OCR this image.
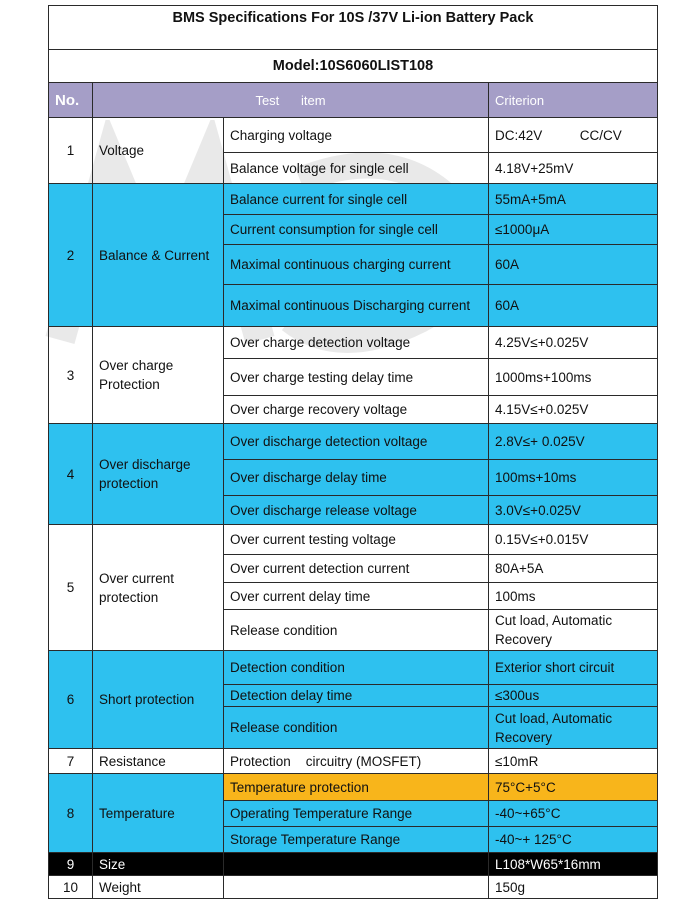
BMS Specifications For 10S /37V Li-ion Battery Pack			
Model:10S6060LIST108			
No.	Test      item		Criterion
1	Voltage	Charging voltage	DC:42V          CC/CV
		Balance voltage for single cell	4.18V+25mV
2	Balance & Current	Balance current for single cell	55mA+5mA
		Current consumption for single cell	≤1000μA
		Maximal continuous charging current	60A
		Maximal continuous Discharging current	60A
3	Over charge Protection	Over charge detection voltage	4.25V≤+0.025V
		Over charge testing delay time	1000ms+100ms
		Over charge recovery voltage	4.15V≤+0.025V
4	Over discharge protection	Over discharge detection voltage	2.8V≤+ 0.025V
		Over discharge delay time	100ms+10ms
		Over discharge release voltage	3.0V≤+0.025V
5	Over current protection	Over current testing voltage	0.15V≤+0.015V
		Over current detection current	80A+5A
		Over current delay time	100ms
		Release condition	Cut load, Automatic Recovery
6	Short protection	Detection condition	Exterior short circuit
		Detection delay time	≤300us
		Release condition	Cut load, Automatic Recovery
7	Resistance	Protection    circuitry (MOSFET)	≤10mR
8	Temperature	Temperature protection	75°C+5°C
		Operating Temperature Range	-40~+65°C
		Storage Temperature Range	-40~+ 125°C
9	Size		L108*W65*16mm
10	Weight		150g
